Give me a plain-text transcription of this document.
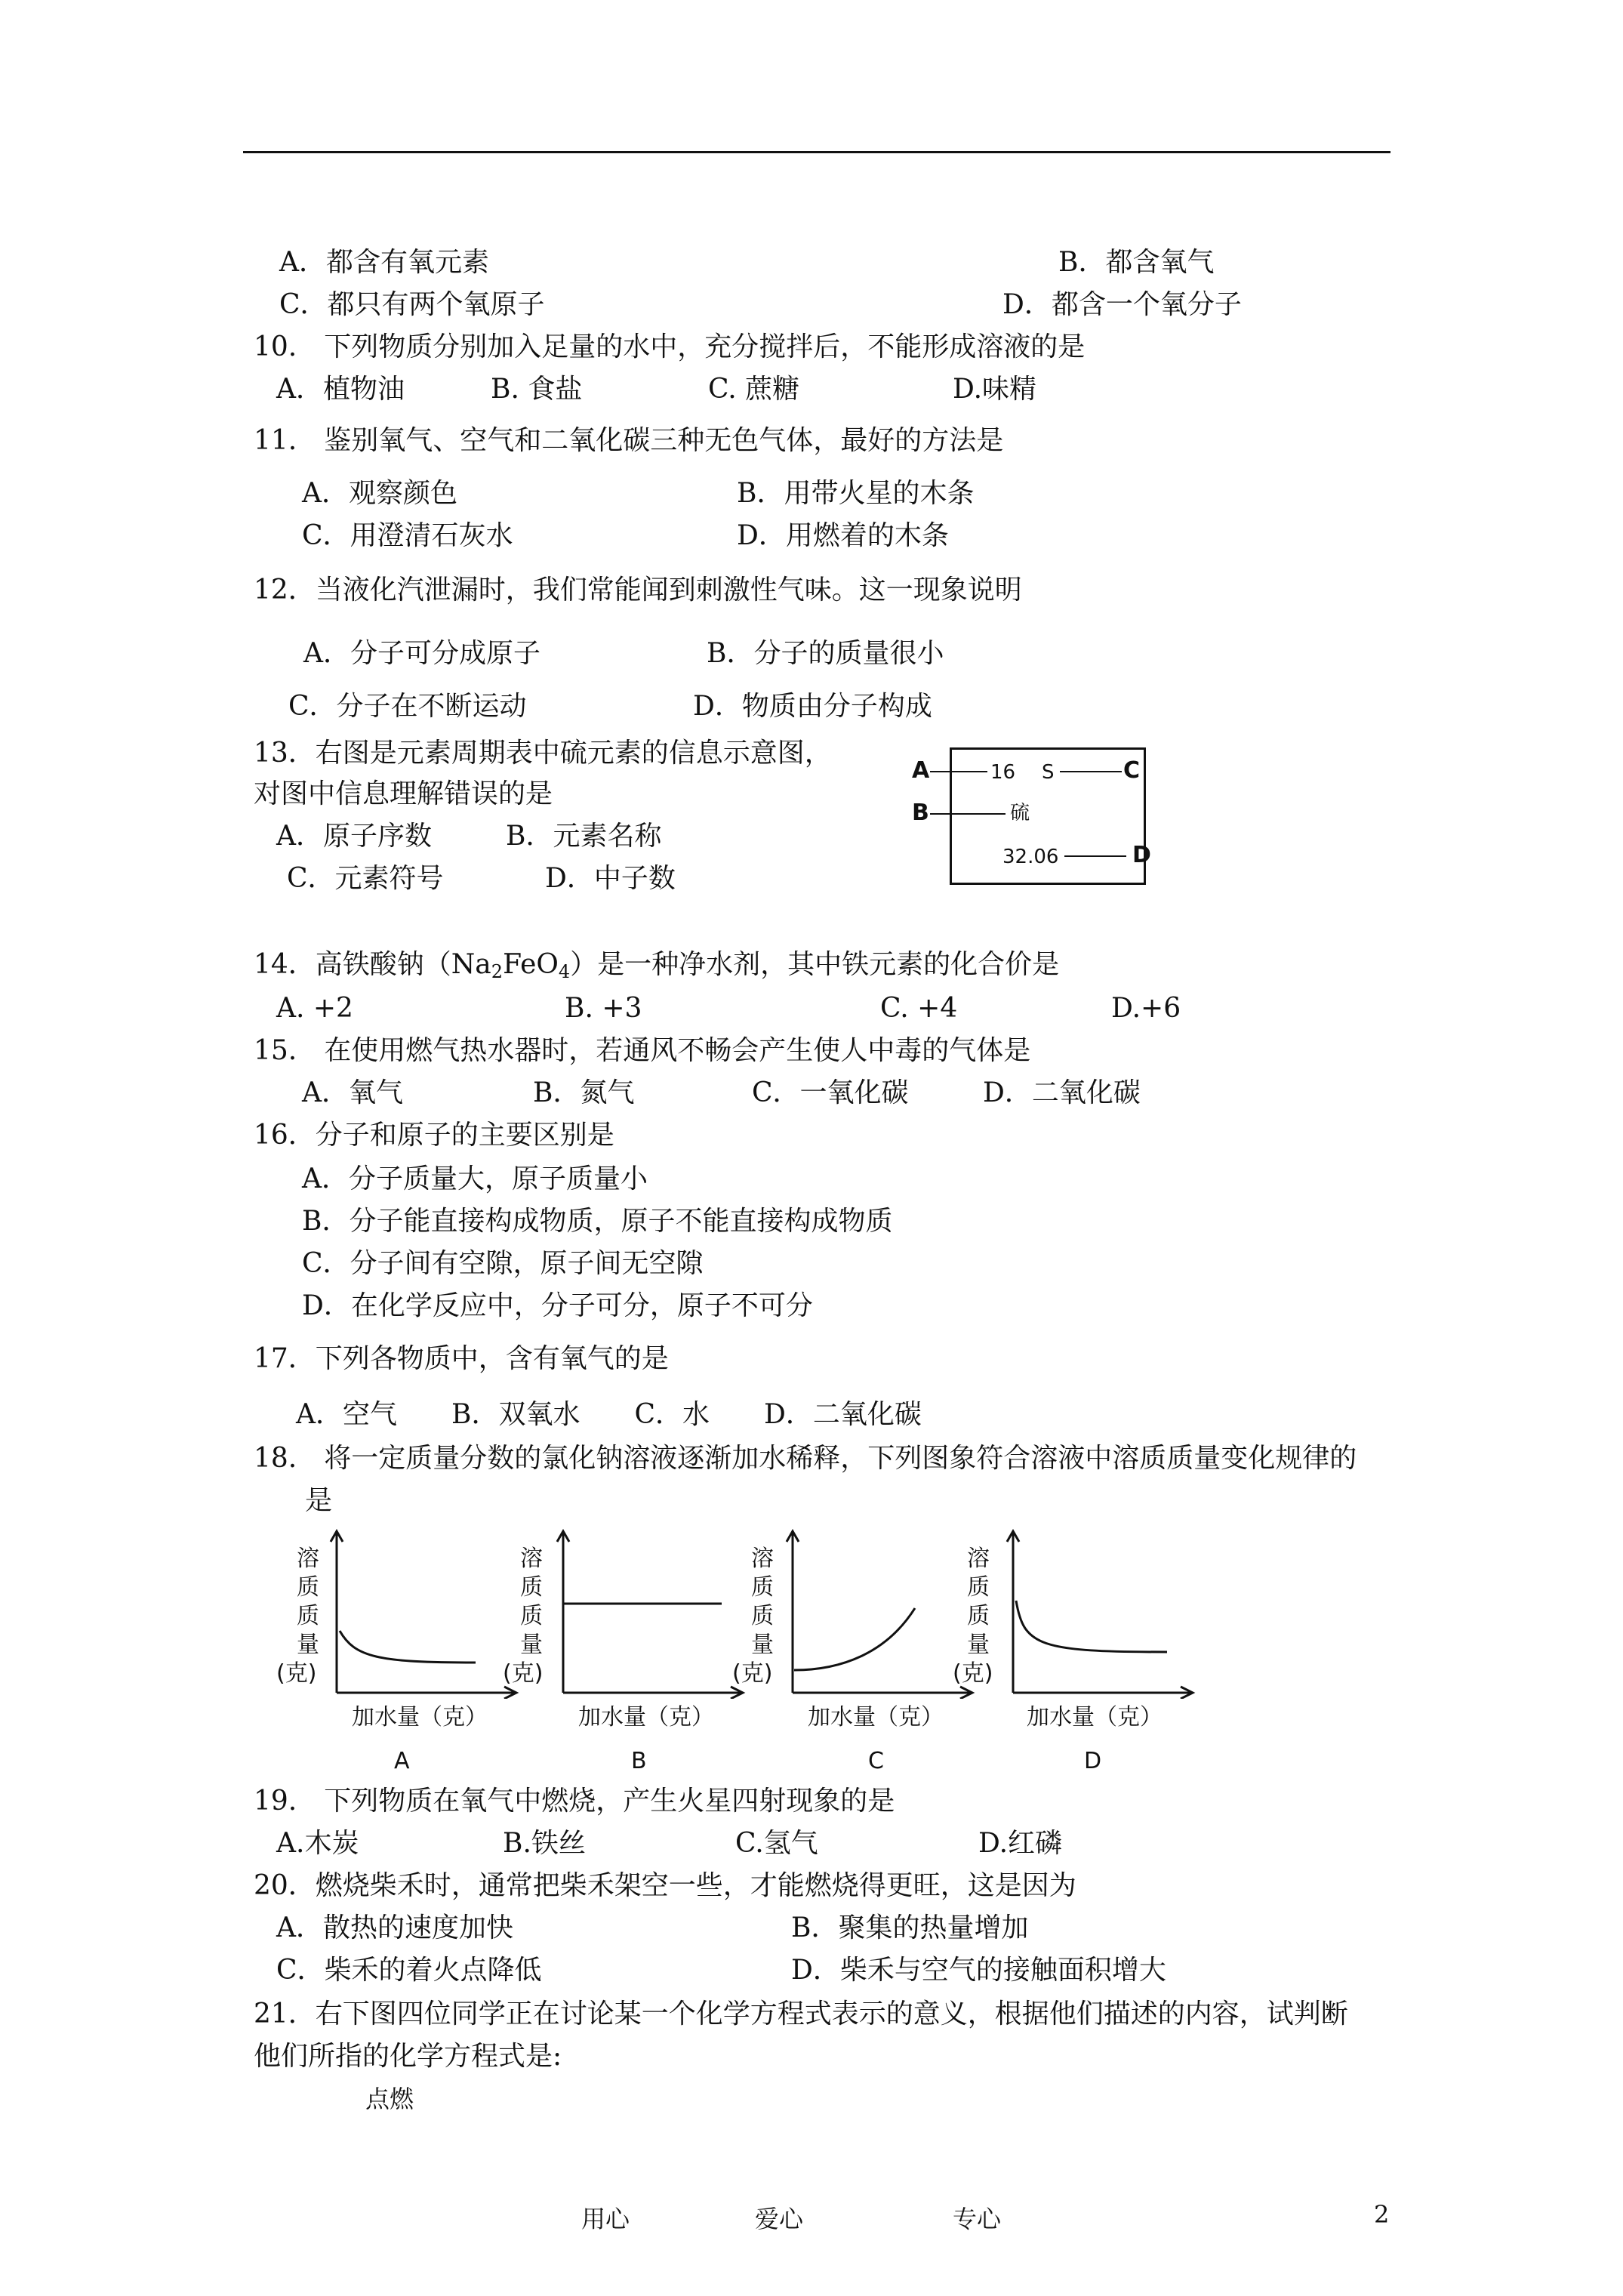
A．都含有氧元素	B．都含氧气
C．都只有两个氧原子	D．都含一个氧分子
10.　下列物质分别加入足量的水中，充分搅拌后，不能形成溶液的是
A．植物油	B. 食盐	C. 蔗糖	D.味精
11.　鉴别氧气、空气和二氧化碳三种无色气体，最好的方法是
A．观察颜色	B．用带火星的木条
C．用澄清石灰水	D．用燃着的木条
12．当液化汽泄漏时，我们常能闻到刺激性气味。这一现象说明
A．分子可分成原子	B．分子的质量很小
C．分子在不断运动	D．物质由分子构成
13．右图是元素周期表中硫元素的信息示意图，
对图中信息理解错误的是
A．原子序数	B．元素名称
C．元素符号	D．中子数
A	16 S	C
B	硫
32.06	D
14．高铁酸钠$(Na_2FeO_4)$是一种净水剂，其中铁元素的化合价是
A. +2	B. +3	C. +4	D.+6
15.　在使用燃气热水器时，若通风不畅会产生使人中毒的气体是
A．氧气	B．氮气	C．一氧化碳	D．二氧化碳
16．分子和原子的主要区别是
A．分子质量大，原子质量小
B．分子能直接构成物质，原子不能直接构成物质
C．分子间有空隙，原子间无空隙
D．在化学反应中，分子可分，原子不可分
17．下列各物质中，含有氧气的是
A．空气　　B．双氧水　　C．水　　D．二氧化碳
18.　将一定质量分数的氯化钠溶液逐渐加水稀释，下列图象符合溶液中溶质质量变化规律的
是
溶
质
质
量
(克)
加水量（克）
A
溶
质
质
量
(克)
加水量（克）
B
溶
质
质
量
(克)
加水量（克）
C
溶
质
质
量
(克)
加水量（克）
D
19.　下列物质在氧气中燃烧，产生火星四射现象的是
A.木炭	B.铁丝	C.氢气	D.红磷
20．燃烧柴禾时，通常把柴禾架空一些，才能燃烧得更旺，这是因为
A．散热的速度加快	B．聚集的热量增加
C．柴禾的着火点降低	D．柴禾与空气的接触面积增大
21．右下图四位同学正在讨论某一个化学方程式表示的意义，根据他们描述的内容，试判断
他们所指的化学方程式是:
点燃
用心	爱心	专心	2
